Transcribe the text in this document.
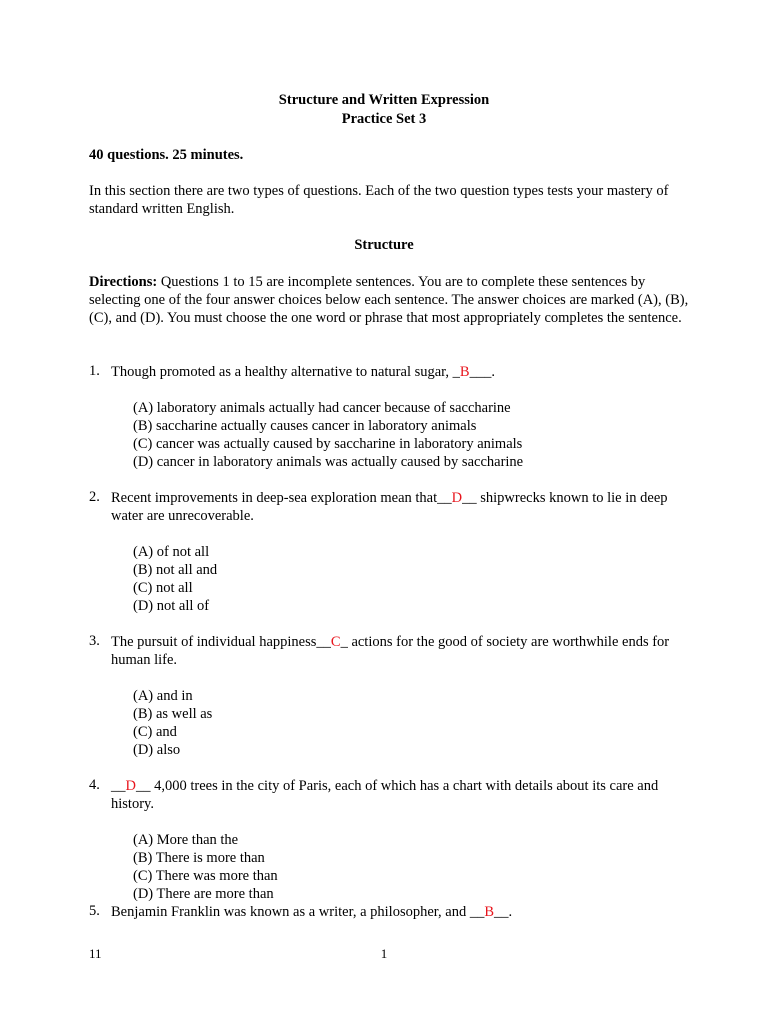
Structure and Written Expression
Practice Set 3
40 questions. 25 minutes.
In this section there are two types of questions. Each of the two question types tests your mastery of standard written English.
Structure
Directions: Questions 1 to 15 are incomplete sentences. You are to complete these sentences by selecting one of the four answer choices below each sentence. The answer choices are marked (A), (B), (C), and (D). You must choose the one word or phrase that most appropriately completes the sentence.
1. Though promoted as a healthy alternative to natural sugar, _B___.
(A) laboratory animals actually had cancer because of saccharine
(B) saccharine actually causes cancer in laboratory animals
(C) cancer was actually caused by saccharine in laboratory animals
(D) cancer in laboratory animals was actually caused by saccharine
2. Recent improvements in deep-sea exploration mean that__D__ shipwrecks known to lie in deep water are unrecoverable.
(A) of not all
(B) not all and
(C) not all
(D) not all of
3. The pursuit of individual happiness__C_ actions for the good of society are worthwhile ends for human life.
(A) and in
(B) as well as
(C) and
(D) also
4. __D__ 4,000 trees in the city of Paris, each of which has a chart with details about its care and history.
(A) More than the
(B) There is more than
(C) There was more than
(D) There are more than
5. Benjamin Franklin was known as a writer, a philosopher, and __B__.
11	1
